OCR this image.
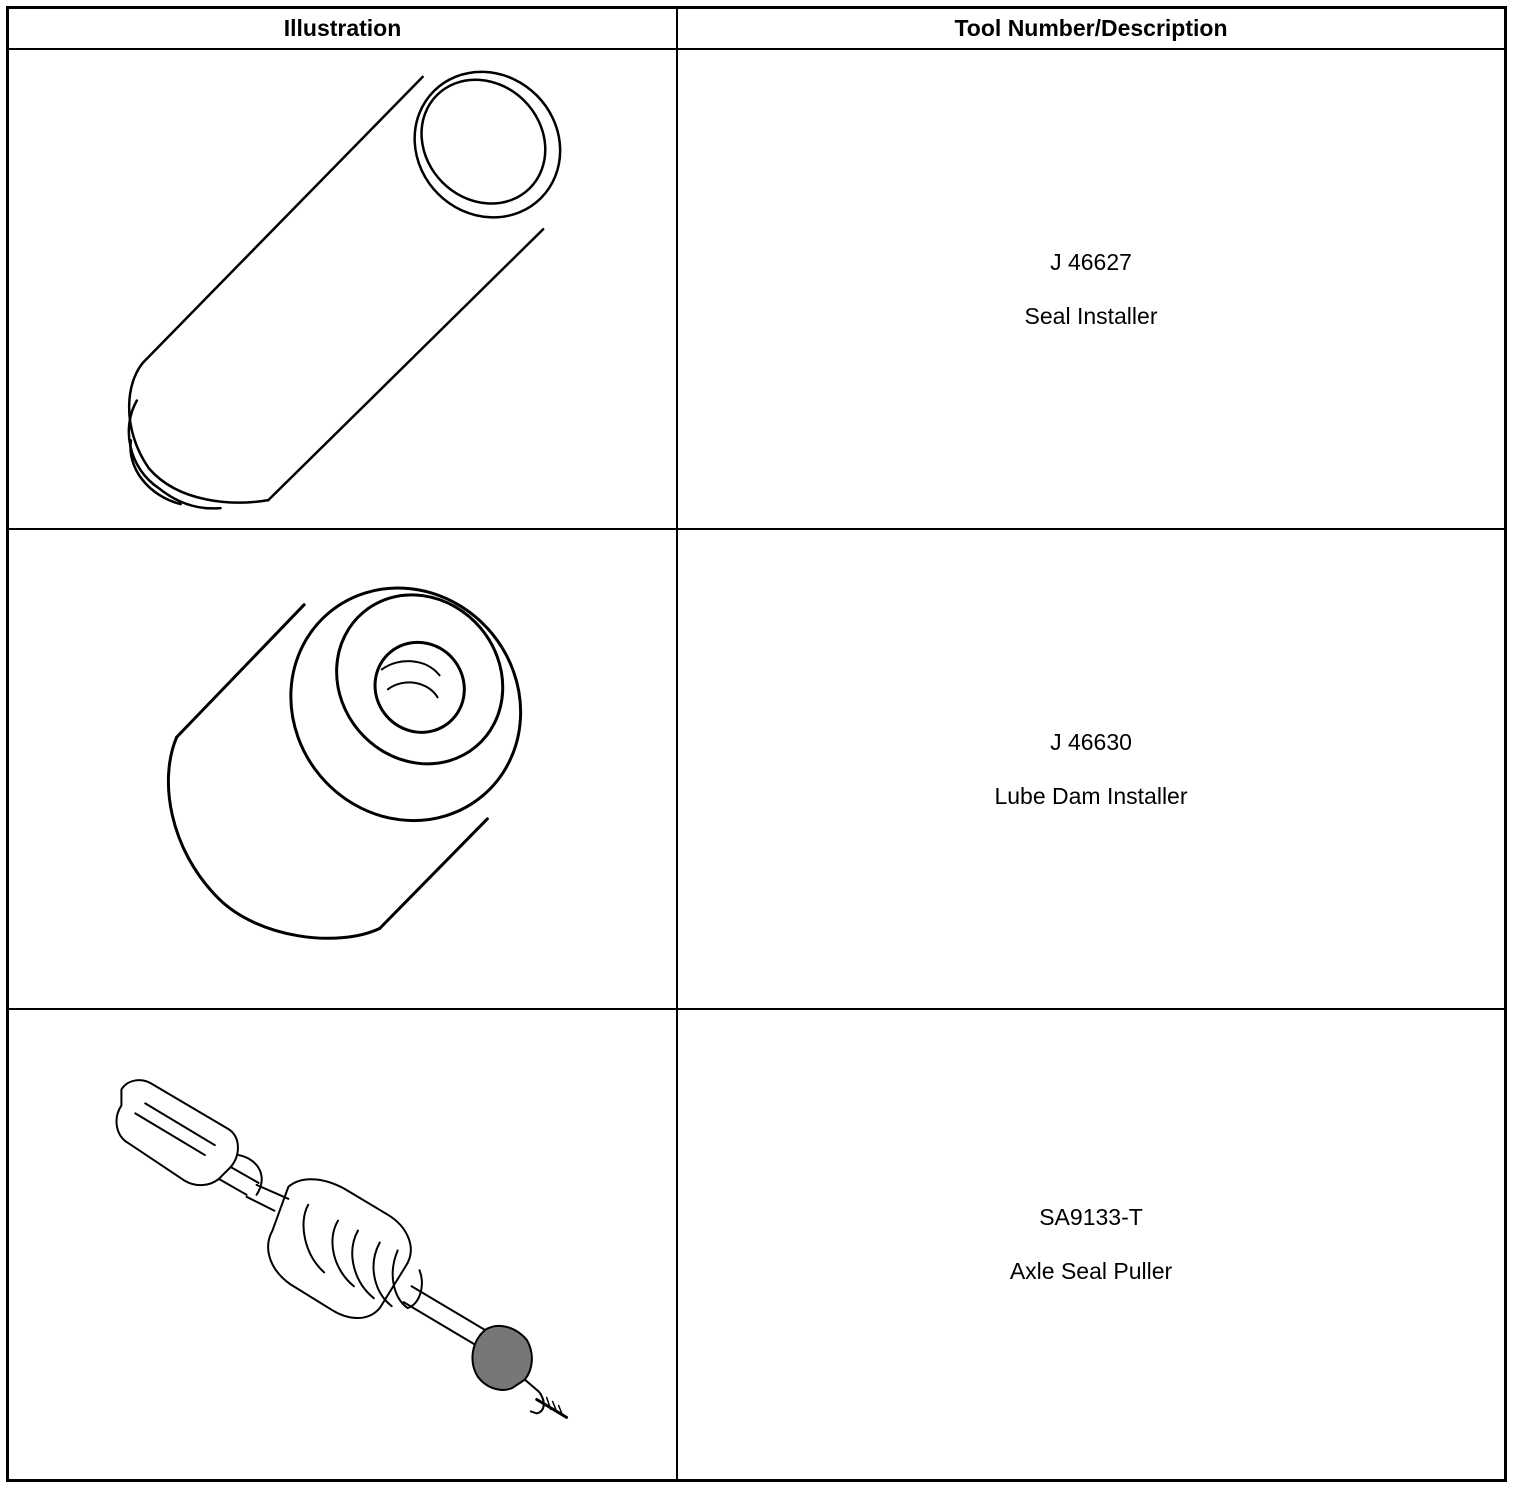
Illustration	Tool Number/Description
J 46627
Seal Installer
J 46630
Lube Dam Installer
SA9133-T
Axle Seal Puller
